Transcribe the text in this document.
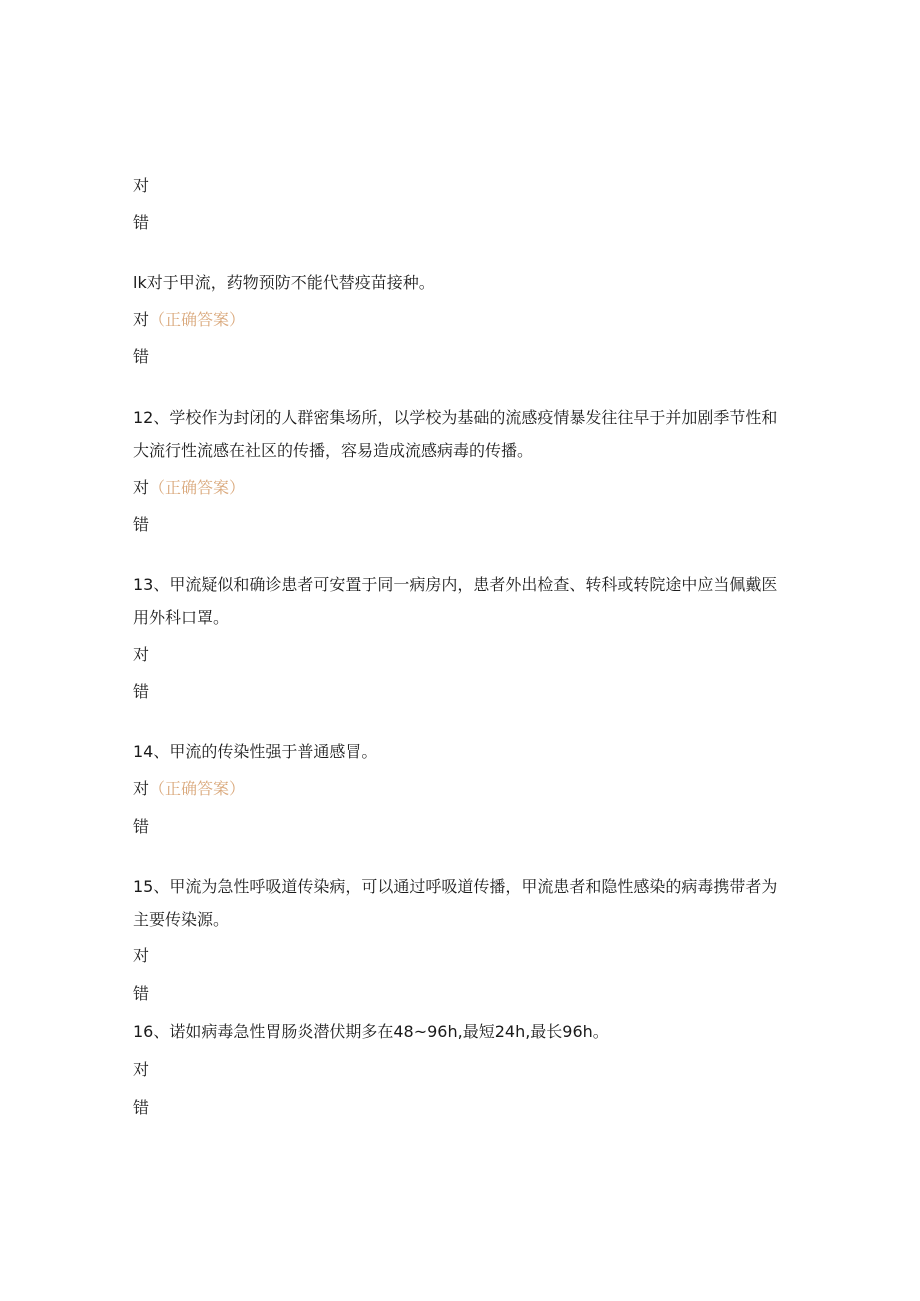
对
错
lk对于甲流，药物预防不能代替疫苗接种。
对（正确答案）
错
12、学校作为封闭的人群密集场所，以学校为基础的流感疫情暴发往往早于并加剧季节性和大流行性流感在社区的传播，容易造成流感病毒的传播。
对（正确答案）
错
13、甲流疑似和确诊患者可安置于同一病房内，患者外出检查、转科或转院途中应当佩戴医用外科口罩。
对
错
14、甲流的传染性强于普通感冒。
对（正确答案）
错
15、甲流为急性呼吸道传染病，可以通过呼吸道传播，甲流患者和隐性感染的病毒携带者为主要传染源。
对
错
16、诺如病毒急性胃肠炎潜伏期多在48~96h,最短24h,最长96h。
对
错
